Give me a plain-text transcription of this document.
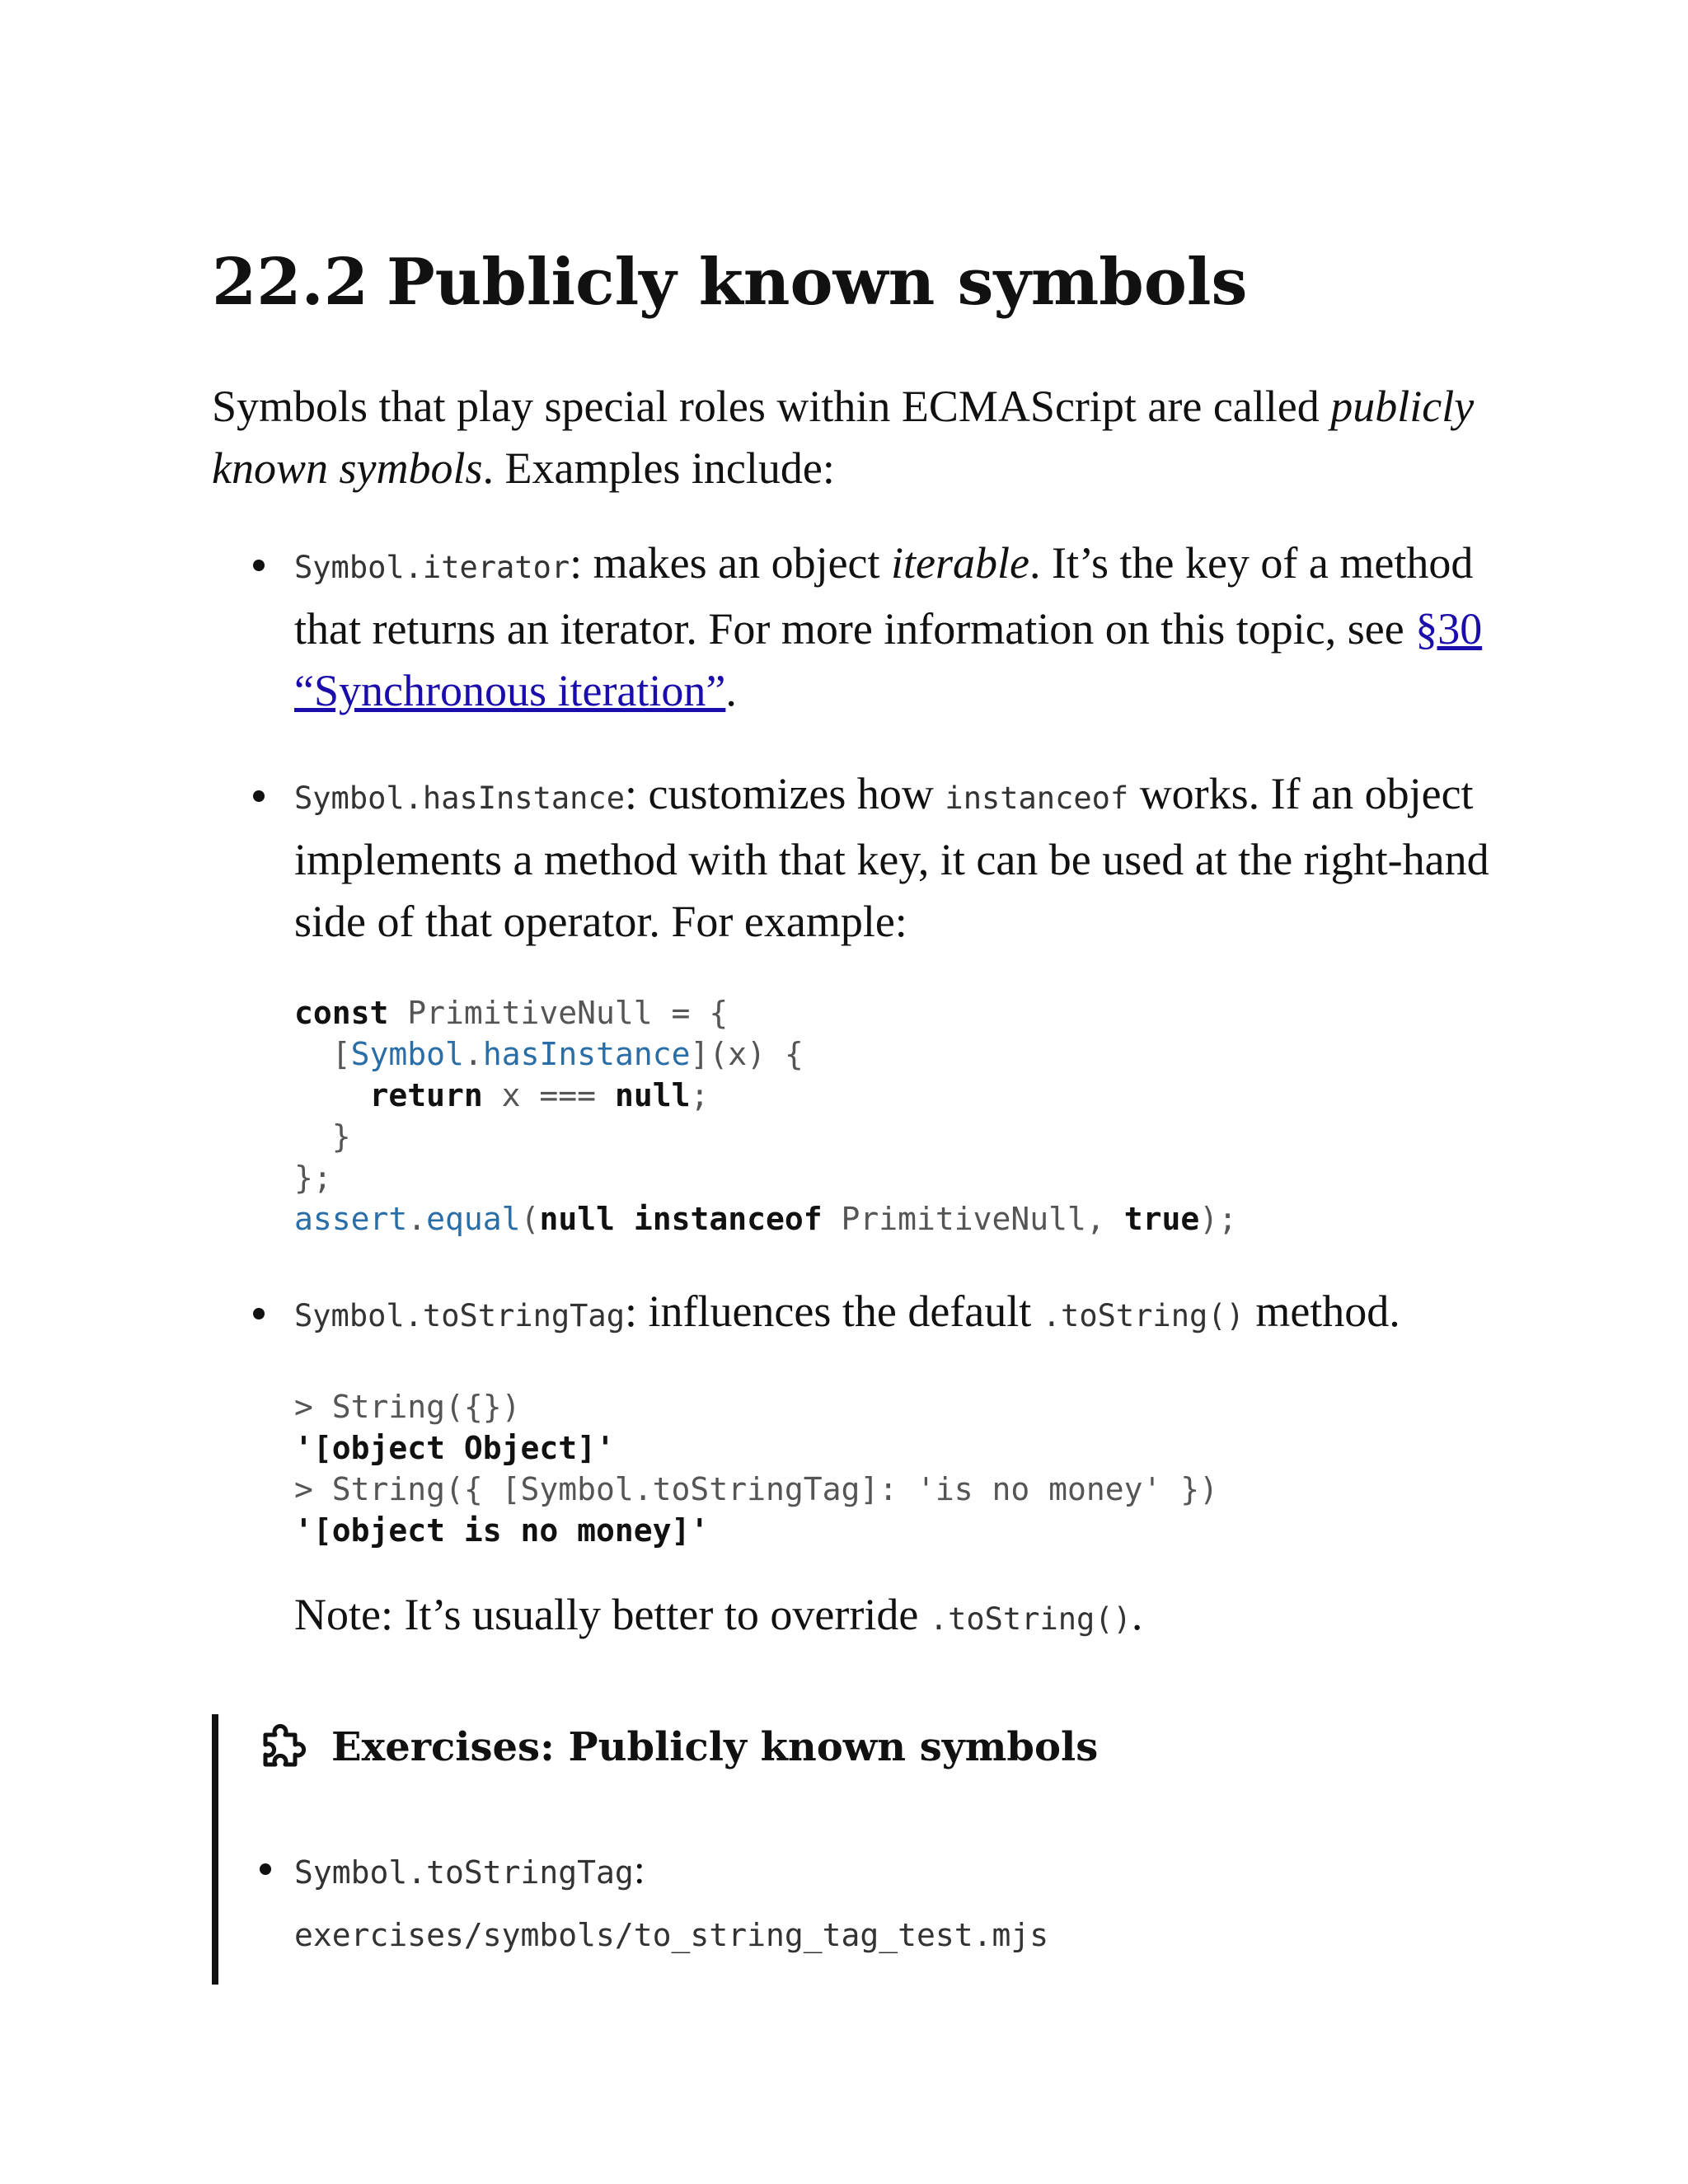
22.2 Publicly known symbols

Symbols that play special roles within ECMAScript are called publicly known symbols. Examples include:

Symbol.iterator: makes an object iterable. It’s the key of a method that returns an iterator. For more information on this topic, see §30 “Synchronous iteration”.
Symbol.hasInstance: customizes how instanceof works. If an object implements a method with that key, it can be used at the right-hand side of that operator. For example:
const PrimitiveNull = {
[Symbol.hasInstance](x) {
return x === null;
}
};
assert.equal(null instanceof PrimitiveNull, true);
Symbol.toStringTag: influences the default .toString() method.
> String({})
'[object Object]'
> String({ [Symbol.toStringTag]: 'is no money' })
'[object is no money]'
Note: It’s usually better to override .toString().
Exercises: Publicly known symbols
Symbol.toStringTag:
exercises/symbols/to_string_tag_test.mjs
